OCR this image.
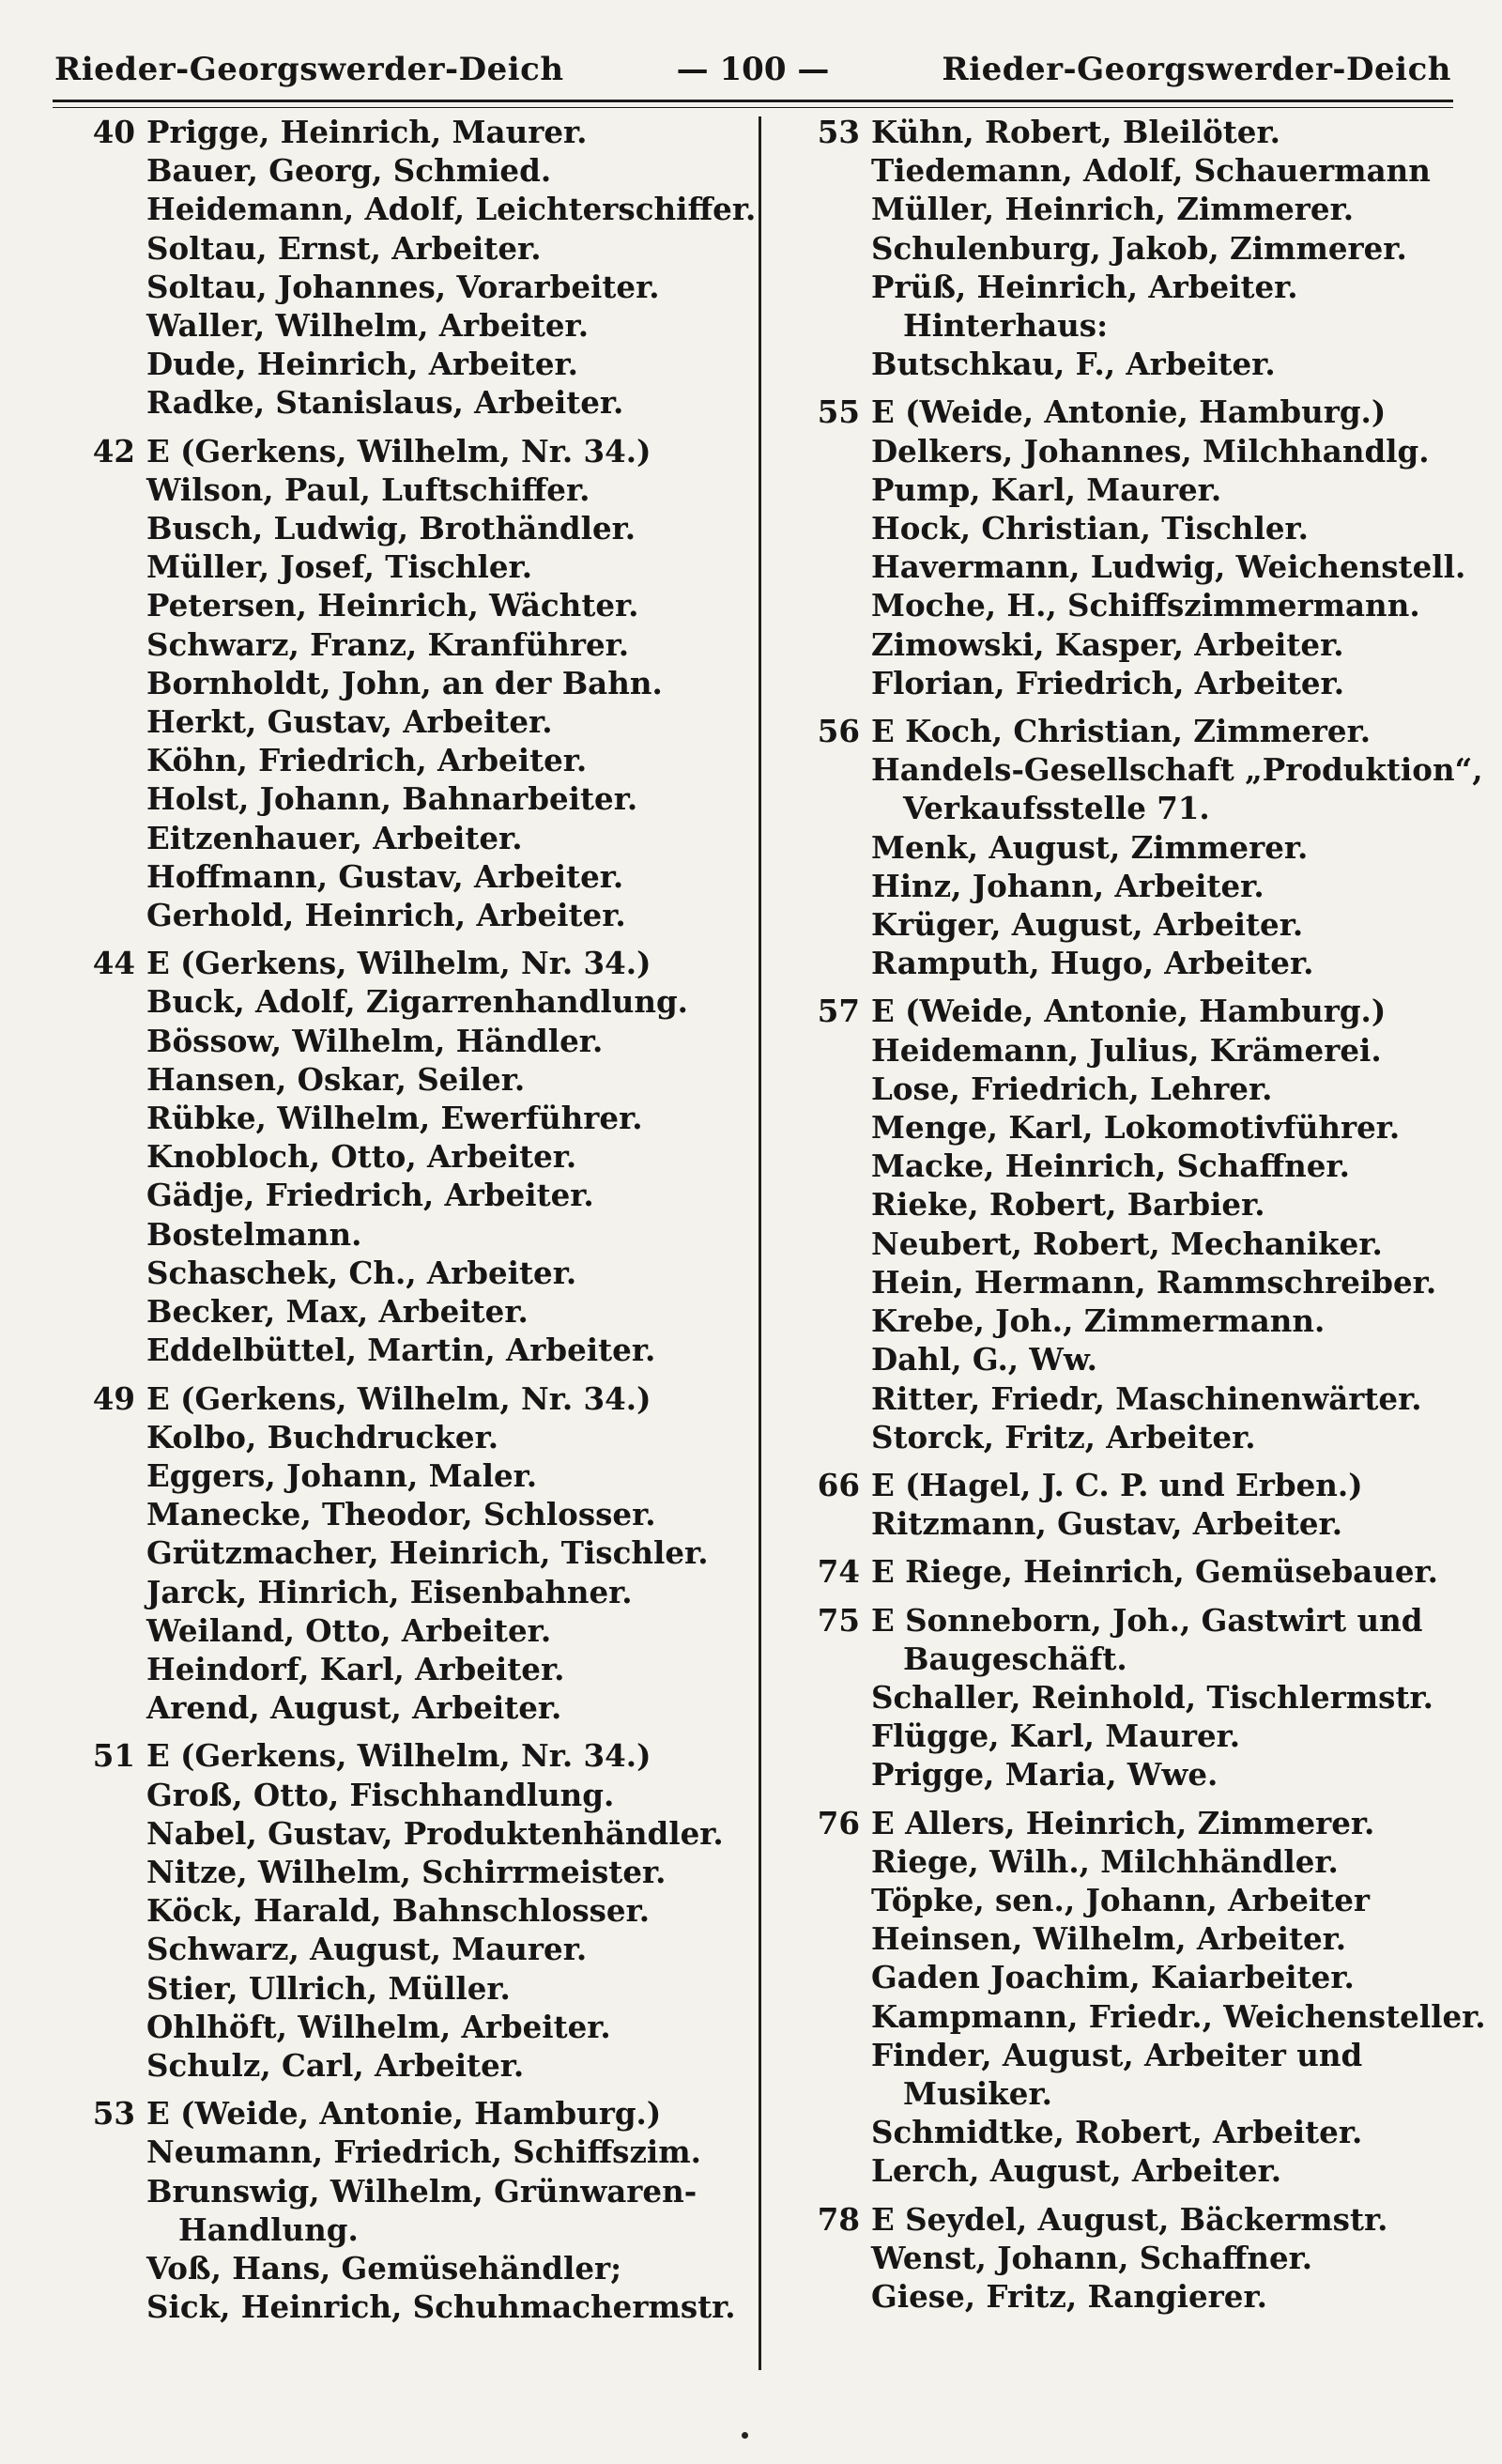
Rieder-Georgswerder-Deich	— 100 —	Rieder-Georgswerder-Deich
40 Prigge, Heinrich, Maurer.
Bauer, Georg, Schmied.
Heidemann, Adolf, Leichterschiffer.
Soltau, Ernst, Arbeiter.
Soltau, Johannes, Vorarbeiter.
Waller, Wilhelm, Arbeiter.
Dude, Heinrich, Arbeiter.
Radke, Stanislaus, Arbeiter.
42 E (Gerkens, Wilhelm, Nr. 34.)
Wilson, Paul, Luftschiffer.
Busch, Ludwig, Brothändler.
Müller, Josef, Tischler.
Petersen, Heinrich, Wächter.
Schwarz, Franz, Kranführer.
Bornholdt, John, an der Bahn.
Herkt, Gustav, Arbeiter.
Köhn, Friedrich, Arbeiter.
Holst, Johann, Bahnarbeiter.
Eitzenhauer, Arbeiter.
Hoffmann, Gustav, Arbeiter.
Gerhold, Heinrich, Arbeiter.
44 E (Gerkens, Wilhelm, Nr. 34.)
Buck, Adolf, Zigarrenhandlung.
Bössow, Wilhelm, Händler.
Hansen, Oskar, Seiler.
Rübke, Wilhelm, Ewerführer.
Knobloch, Otto, Arbeiter.
Gädje, Friedrich, Arbeiter.
Bostelmann.
Schaschek, Ch., Arbeiter.
Becker, Max, Arbeiter.
Eddelbüttel, Martin, Arbeiter.
49 E (Gerkens, Wilhelm, Nr. 34.)
Kolbo, Buchdrucker.
Eggers, Johann, Maler.
Manecke, Theodor, Schlosser.
Grützmacher, Heinrich, Tischler.
Jarck, Hinrich, Eisenbahner.
Weiland, Otto, Arbeiter.
Heindorf, Karl, Arbeiter.
Arend, August, Arbeiter.
51 E (Gerkens, Wilhelm, Nr. 34.)
Groß, Otto, Fischhandlung.
Nabel, Gustav, Produktenhändler.
Nitze, Wilhelm, Schirrmeister.
Köck, Harald, Bahnschlosser.
Schwarz, August, Maurer.
Stier, Ullrich, Müller.
Ohlhöft, Wilhelm, Arbeiter.
Schulz, Carl, Arbeiter.
53 E (Weide, Antonie, Hamburg.)
Neumann, Friedrich, Schiffszim.
Brunswig, Wilhelm, Grünwaren-
Handlung.
Voß, Hans, Gemüsehändler;
Sick, Heinrich, Schuhmachermstr.
53 Kühn, Robert, Bleilöter.
Tiedemann, Adolf, Schauermann
Müller, Heinrich, Zimmerer.
Schulenburg, Jakob, Zimmerer.
Prüß, Heinrich, Arbeiter.
Hinterhaus:
Butschkau, F., Arbeiter.
55 E (Weide, Antonie, Hamburg.)
Delkers, Johannes, Milchhandlg.
Pump, Karl, Maurer.
Hock, Christian, Tischler.
Havermann, Ludwig, Weichenstell.
Moche, H., Schiffszimmermann.
Zimowski, Kasper, Arbeiter.
Florian, Friedrich, Arbeiter.
56 E Koch, Christian, Zimmerer.
Handels-Gesellschaft „Produktion“,
Verkaufsstelle 71.
Menk, August, Zimmerer.
Hinz, Johann, Arbeiter.
Krüger, August, Arbeiter.
Ramputh, Hugo, Arbeiter.
57 E (Weide, Antonie, Hamburg.)
Heidemann, Julius, Krämerei.
Lose, Friedrich, Lehrer.
Menge, Karl, Lokomotivführer.
Macke, Heinrich, Schaffner.
Rieke, Robert, Barbier.
Neubert, Robert, Mechaniker.
Hein, Hermann, Rammschreiber.
Krebe, Joh., Zimmermann.
Dahl, G., Ww.
Ritter, Friedr, Maschinenwärter.
Storck, Fritz, Arbeiter.
66 E (Hagel, J. C. P. und Erben.)
Ritzmann, Gustav, Arbeiter.
74 E Riege, Heinrich, Gemüsebauer.
75 E Sonneborn, Joh., Gastwirt und
Baugeschäft.
Schaller, Reinhold, Tischlermstr.
Flügge, Karl, Maurer.
Prigge, Maria, Wwe.
76 E Allers, Heinrich, Zimmerer.
Riege, Wilh., Milchhändler.
Töpke, sen., Johann, Arbeiter
Heinsen, Wilhelm, Arbeiter.
Gaden Joachim, Kaiarbeiter.
Kampmann, Friedr., Weichensteller.
Finder, August, Arbeiter und
Musiker.
Schmidtke, Robert, Arbeiter.
Lerch, August, Arbeiter.
78 E Seydel, August, Bäckermstr.
Wenst, Johann, Schaffner.
Giese, Fritz, Rangierer.
